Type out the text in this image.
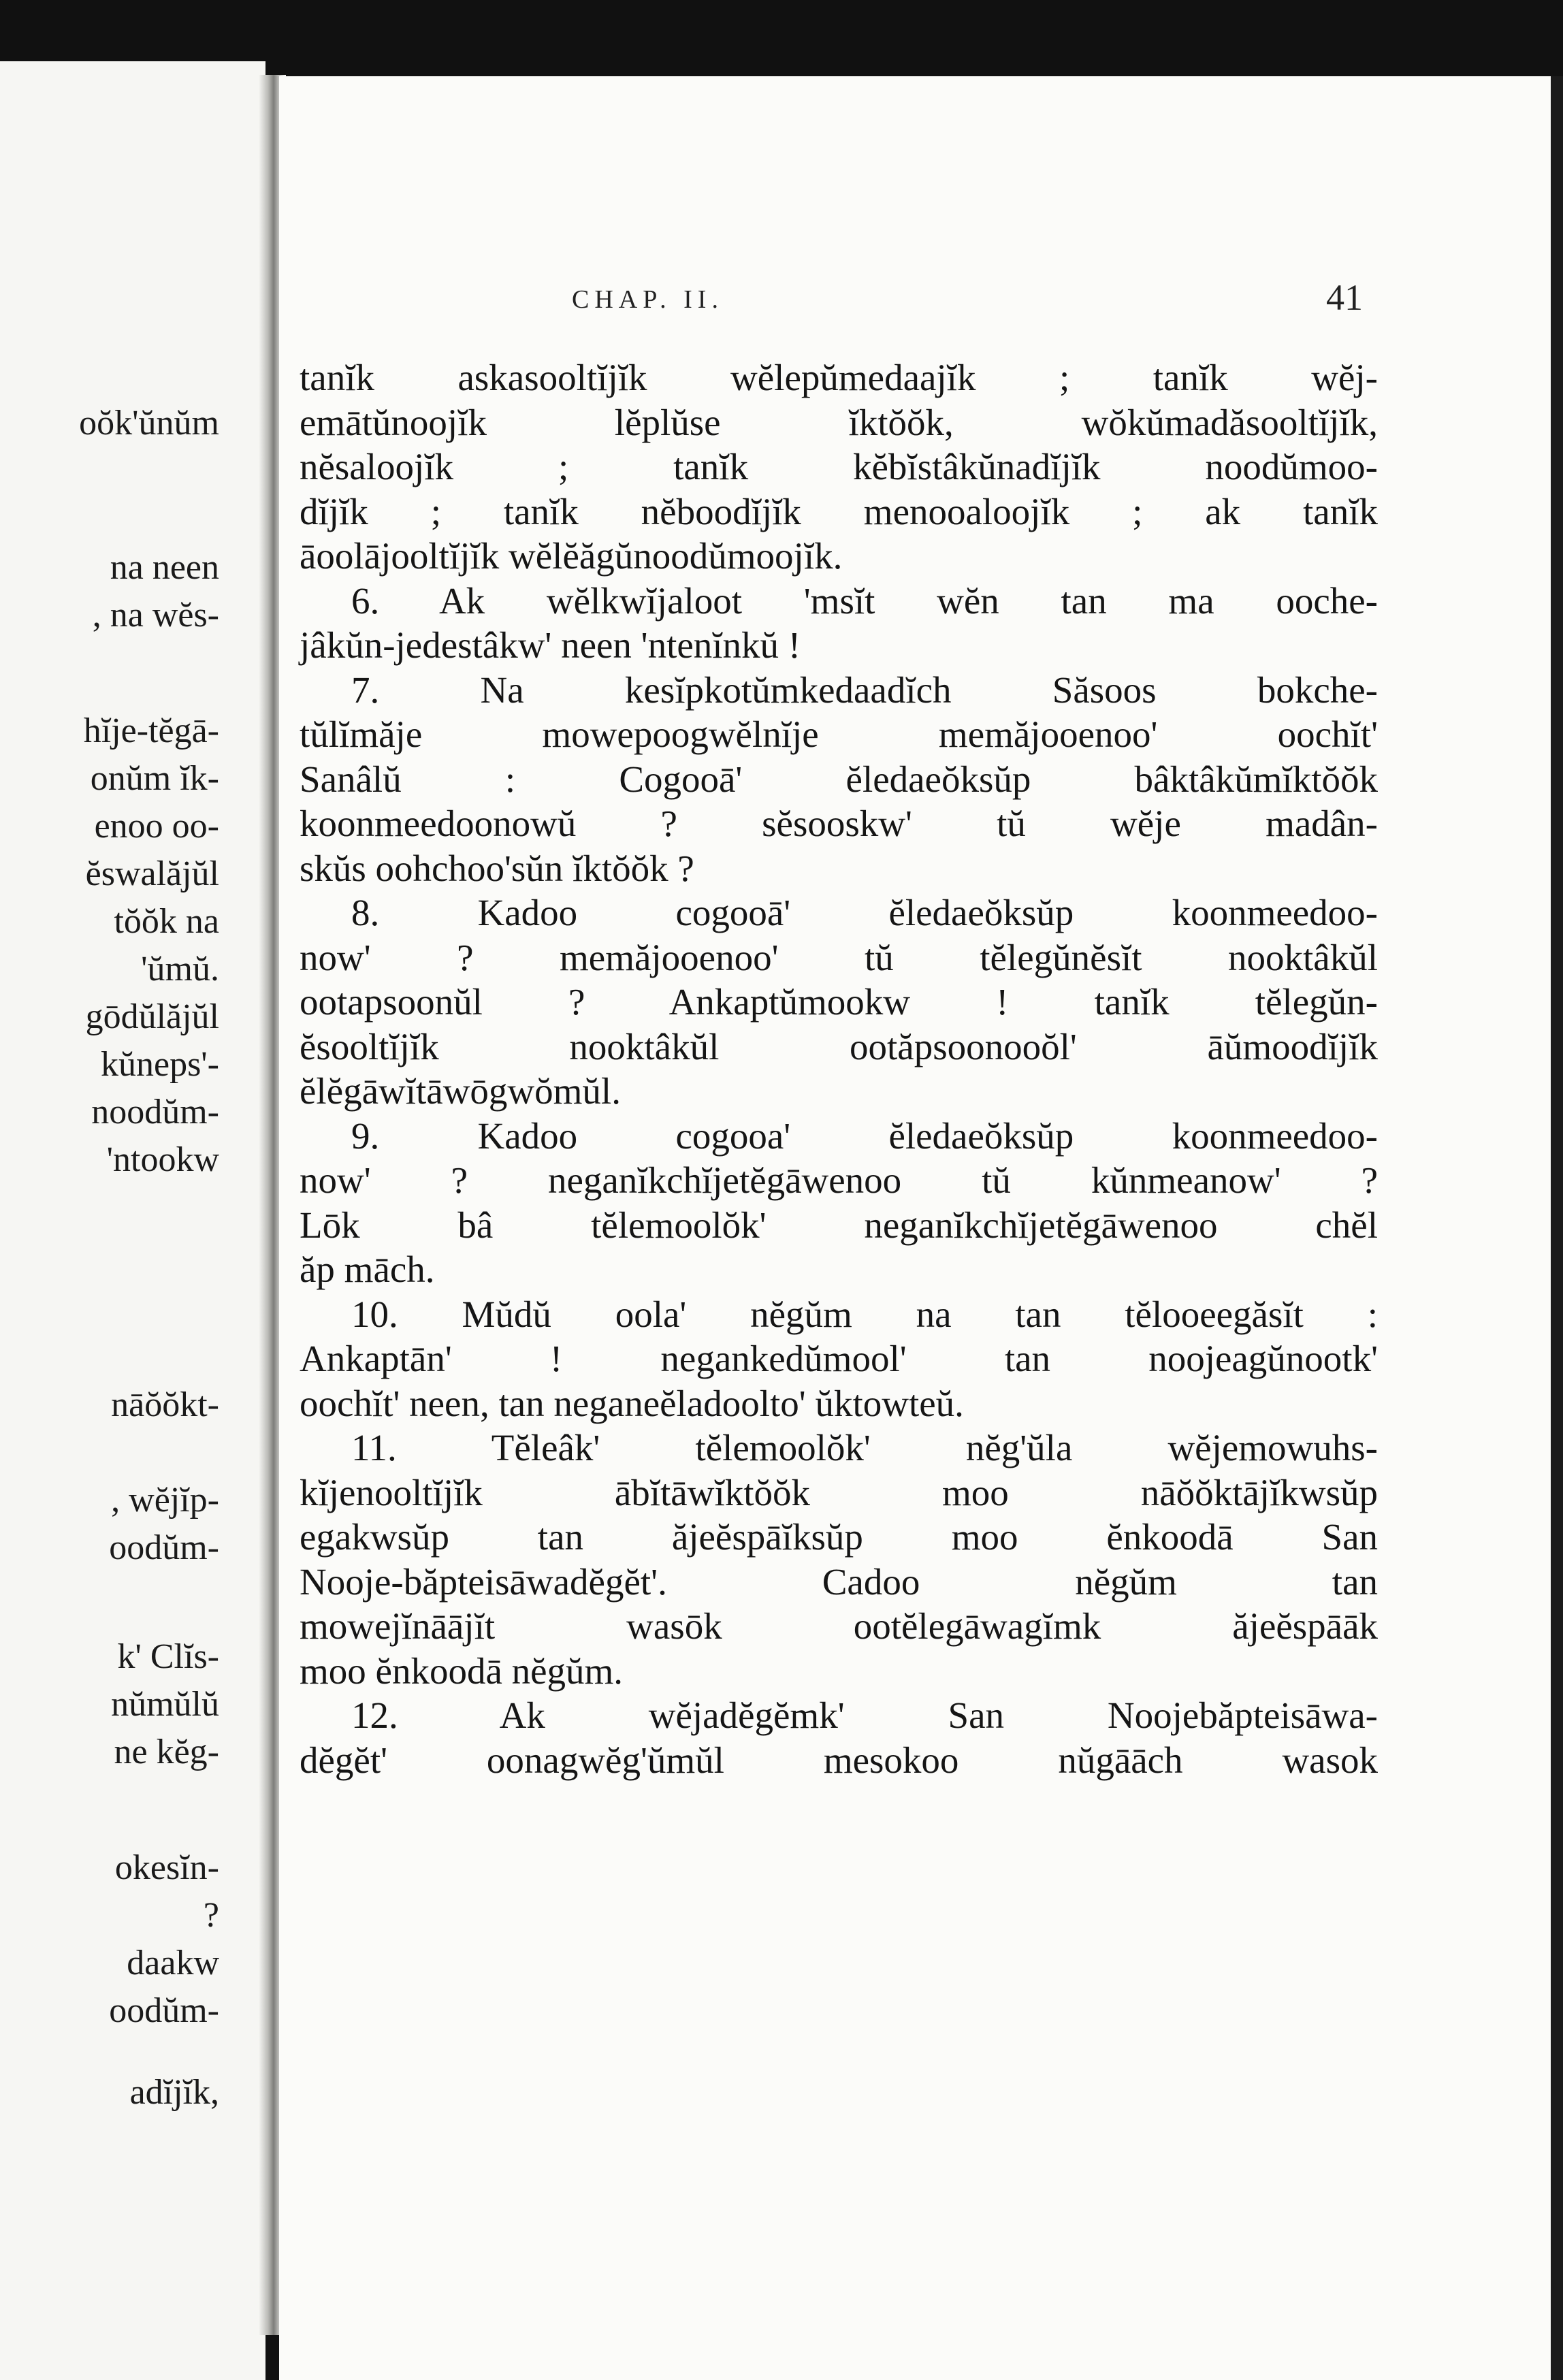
oŏk'ŭnŭm
na neen
, na wĕs-
hĭje-tĕgā-
onŭm ĭk-
enoo oo-
ĕswalăjŭl
tŏŏk na
'ŭmŭ.
gōdŭlăjŭl
kŭneps'-
noodŭm-
'ntookw
nāŏŏkt-
, wĕjĭp-
oodŭm-
k' Clĭs-
nŭmŭlŭ
ne kĕg-
okesĭn-
?
daakw
oodŭm-
adĭjĭk,
CHAP. II.	41
tanĭk askasooltĭjĭk wĕlepŭmedaajĭk ; tanĭk wĕj-
emātŭnoojĭk lĕplŭse ĭktŏŏk, wŏkŭmadăsooltĭjĭk,
nĕsaloojĭk ; tanĭk kĕbĭstâkŭnadĭjĭk noodŭmoo-
dĭjĭk ; tanĭk nĕboodĭjĭk menooaloojĭk ; ak tanĭk
āoolājooltĭjĭk wĕlĕăgŭnoodŭmoojĭk.
6. Ak wĕlkwĭjaloot 'msĭt wĕn tan ma ooche-
jâkŭn-jedestâkw' neen 'ntenĭnkŭ !
7. Na kesĭpkotŭmkedaadĭch Săsoos bokche-
tŭlĭmăje mowepoogwĕlnĭje memăjooenoo' oochĭt'
Sanâlŭ : Cogooā' ĕledaeŏksŭp bâktâkŭmĭktŏŏk
koonmeedoonowŭ ? sĕsooskw' tŭ wĕje madân-
skŭs oohchoo'sŭn ĭktŏŏk ?
8. Kadoo cogooā' ĕledaeŏksŭp koonmeedoo-
now' ? memăjooenoo' tŭ tĕlegŭnĕsĭt nooktâkŭl
ootapsoonŭl ? Ankaptŭmookw ! tanĭk tĕlegŭn-
ĕsooltĭjĭk nooktâkŭl ootăpsoonooŏl' āŭmoodĭjĭk
ĕlĕgāwĭtāwōgwŏmŭl.
9. Kadoo cogooa' ĕledaeŏksŭp koonmeedoo-
now' ? neganĭkchĭjetĕgāwenoo tŭ kŭnmeanow' ?
Lōk bâ tĕlemoolŏk' neganĭkchĭjetĕgāwenoo chĕl
ăp māch.
10. Mŭdŭ oola' nĕgŭm na tan tĕlooeegăsĭt :
Ankaptān' ! negankedŭmool' tan noojeagŭnootk'
oochĭt' neen, tan neganeĕladoolto' ŭktowteŭ.
11. Tĕleâk' tĕlemoolŏk' nĕg'ŭla wĕjemowuhs-
kĭjenooltĭjĭk ābĭtāwĭktŏŏk moo nāŏŏktājĭkwsŭp
egakwsŭp tan ăjeĕspāĭksŭp moo ĕnkoodā San
Nooje-băpteisāwadĕgĕt'. Cadoo nĕgŭm tan
mowejĭnāājĭt wasōk ootĕlegāwagĭmk ăjeĕspāāk
moo ĕnkoodā nĕgŭm.
12. Ak wĕjadĕgĕmk' San Noojebăpteisāwa-
dĕgĕt' oonagwĕg'ŭmŭl mesokoo nŭgāāch wasok
